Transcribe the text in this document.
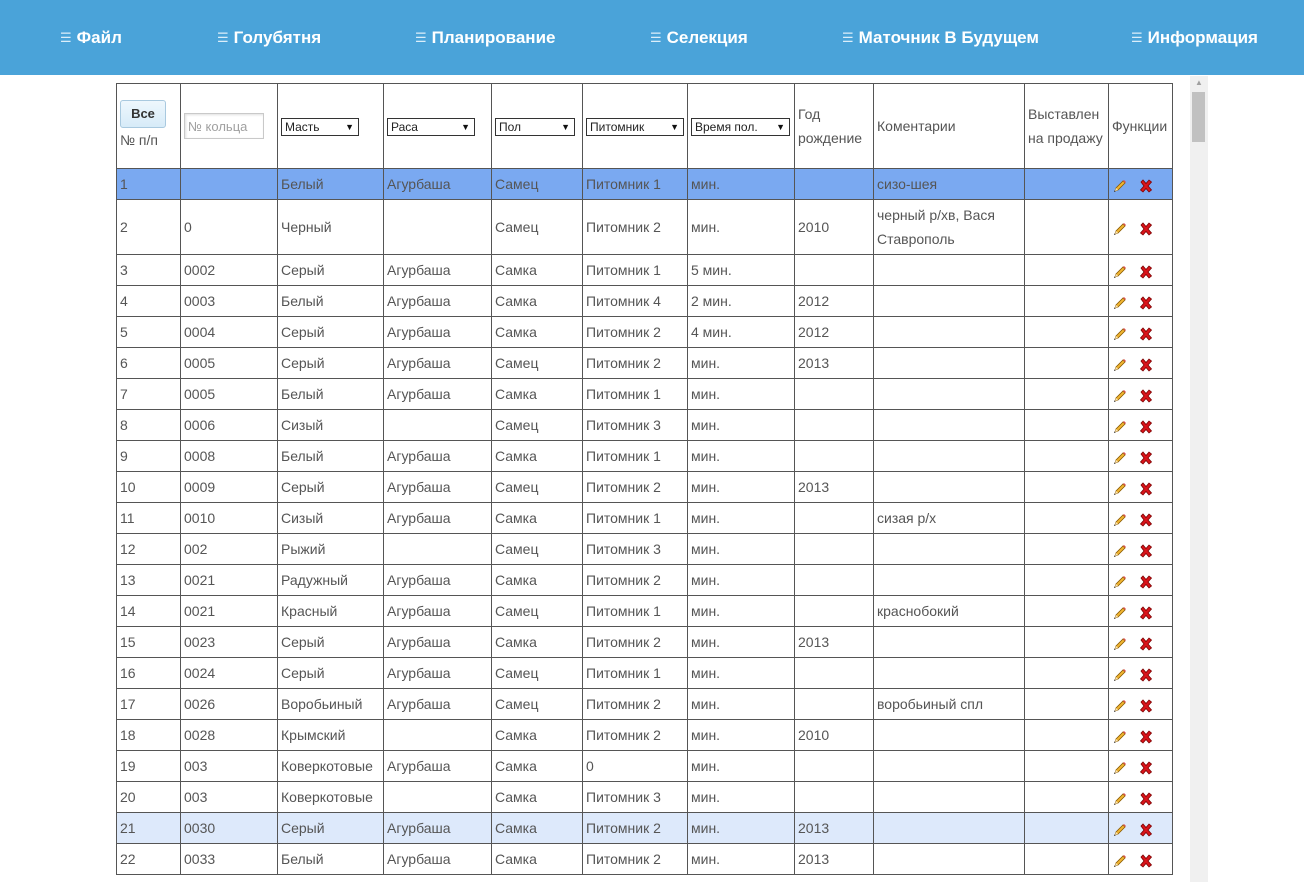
☰ Файл	☰ Голубятня	☰ Планирование	☰ Селекция	☰ Маточник В Будущем	☰ Информация
Все
№ п/п	№ кольца	Масть ▼	Раса ▼	Пол ▼	Питомник ▼	Время пол. ▼	Год рождение	Коментарии	Выставлен на продажу	Функции
1		Белый	Агурбаша	Самец	Питомник 1	мин.		сизо-шея		
2	0	Черный		Самец	Питомник 2	мин.	2010	черный р/хв, Вася Ставрополь		
3	0002	Серый	Агурбаша	Самка	Питомник 1	5 мин.				
4	0003	Белый	Агурбаша	Самка	Питомник 4	2 мин.	2012			
5	0004	Серый	Агурбаша	Самка	Питомник 2	4 мин.	2012			
6	0005	Серый	Агурбаша	Самец	Питомник 2	мин.	2013			
7	0005	Белый	Агурбаша	Самка	Питомник 1	мин.				
8	0006	Сизый		Самец	Питомник 3	мин.				
9	0008	Белый	Агурбаша	Самка	Питомник 1	мин.				
10	0009	Серый	Агурбаша	Самец	Питомник 2	мин.	2013			
11	0010	Сизый	Агурбаша	Самка	Питомник 1	мин.		сизая р/х		
12	002	Рыжий		Самец	Питомник 3	мин.				
13	0021	Радужный	Агурбаша	Самка	Питомник 2	мин.				
14	0021	Красный	Агурбаша	Самец	Питомник 1	мин.		краснобокий		
15	0023	Серый	Агурбаша	Самка	Питомник 2	мин.	2013			
16	0024	Серый	Агурбаша	Самец	Питомник 1	мин.				
17	0026	Воробьиный	Агурбаша	Самец	Питомник 2	мин.		воробьиный спл		
18	0028	Крымский		Самка	Питомник 2	мин.	2010			
19	003	Коверкотовые	Агурбаша	Самка	0	мин.				
20	003	Коверкотовые		Самка	Питомник 3	мин.				
21	0030	Серый	Агурбаша	Самка	Питомник 2	мин.	2013			
22	0033	Белый	Агурбаша	Самка	Питомник 2	мин.	2013			
▲
